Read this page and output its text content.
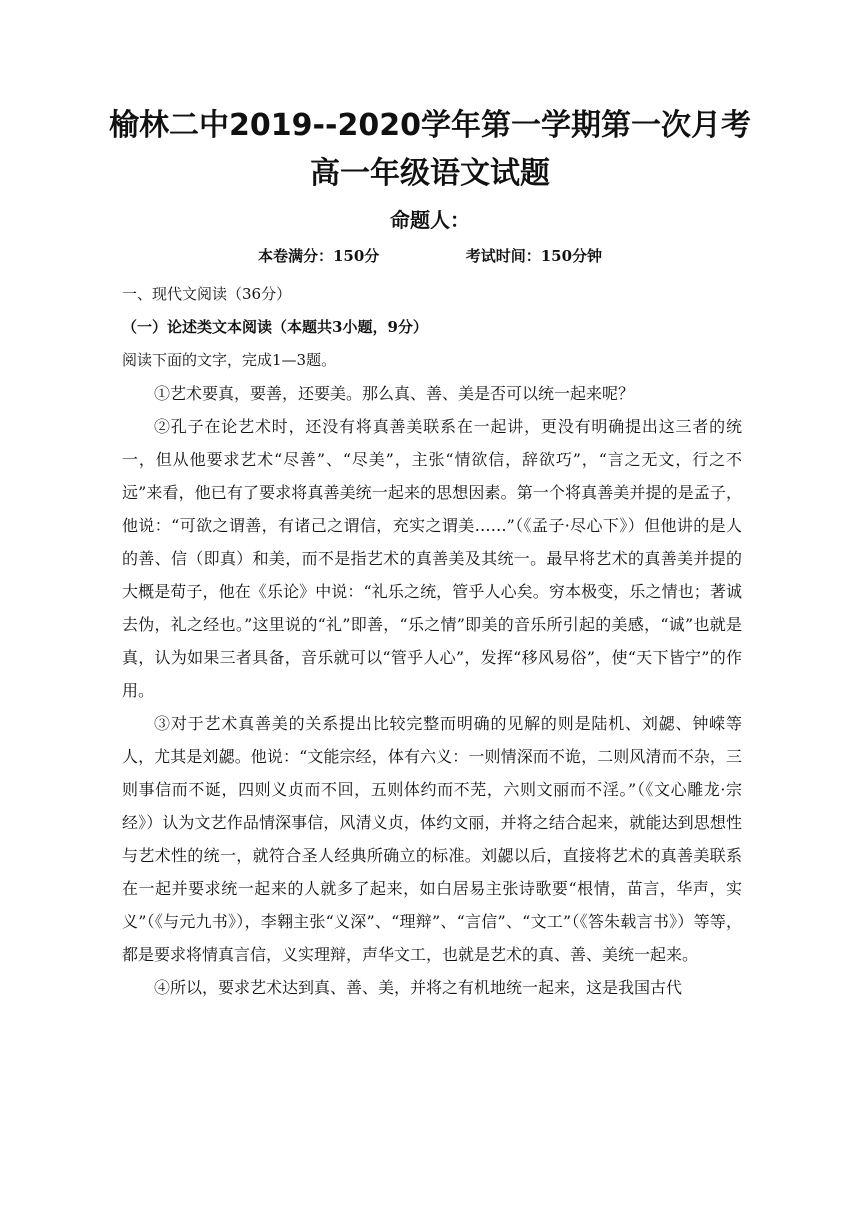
榆林二中2019--2020学年第一学期第一次月考
高一年级语文试题
命题人：
本卷满分：150分	考试时间：150分钟

一、现代文阅读（36分）

（一）论述类文本阅读（本题共3小题，9分）

阅读下面的文字，完成1—3题。

①艺术要真，要善，还要美。那么真、善、美是否可以统一起来呢？

②孔子在论艺术时，还没有将真善美联系在一起讲，更没有明确提出这三者的统一，但从他要求艺术“尽善”、“尽美”，主张“情欲信，辞欲巧”，“言之无文，行之不远”来看，他已有了要求将真善美统一起来的思想因素。第一个将真善美并提的是孟子，他说：“可欲之谓善，有诸己之谓信，充实之谓美……”（《孟子·尽心下》）但他讲的是人的善、信（即真）和美，而不是指艺术的真善美及其统一。最早将艺术的真善美并提的大概是荀子，他在《乐论》中说：“礼乐之统，管乎人心矣。穷本极变，乐之情也；著诚去伪，礼之经也。”这里说的“礼”即善，“乐之情”即美的音乐所引起的美感，“诚”也就是真，认为如果三者具备，音乐就可以“管乎人心”，发挥“移风易俗”，使“天下皆宁”的作用。

③对于艺术真善美的关系提出比较完整而明确的见解的则是陆机、刘勰、钟嵘等人，尤其是刘勰。他说：“文能宗经，体有六义：一则情深而不诡，二则风清而不杂，三则事信而不诞，四则义贞而不回，五则体约而不芜，六则文丽而不淫。”（《文心雕龙·宗经》）认为文艺作品情深事信，风清义贞，体约文丽，并将之结合起来，就能达到思想性与艺术性的统一，就符合圣人经典所确立的标准。刘勰以后，直接将艺术的真善美联系在一起并要求统一起来的人就多了起来，如白居易主张诗歌要“根情，苗言，华声，实义”（《与元九书》），李翱主张“义深”、“理辩”、“言信”、“文工”（《答朱载言书》）等等，都是要求将情真言信，义实理辩，声华文工，也就是艺术的真、善、美统一起来。

④所以，要求艺术达到真、善、美，并将之有机地统一起来，这是我国古代
